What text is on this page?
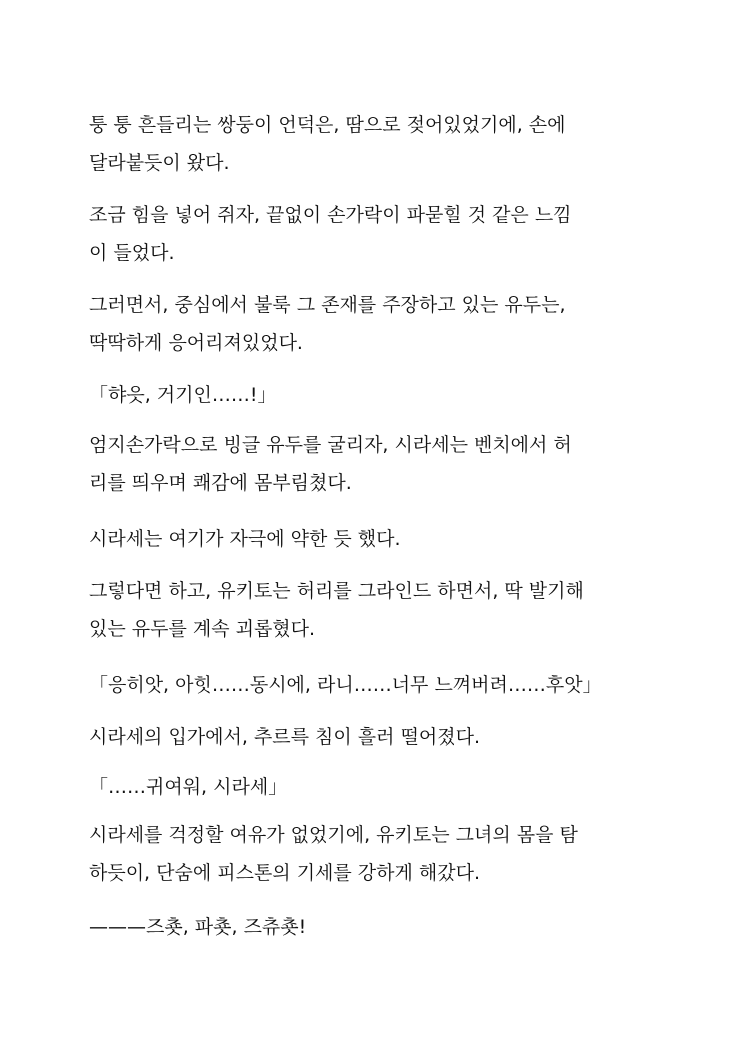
퉁 퉁 흔들리는 쌍둥이 언덕은, 땀으로 젖어있었기에, 손에
달라붙듯이 왔다.
조금 힘을 넣어 쥐자, 끝없이 손가락이 파묻힐 것 같은 느낌
이 들었다.
그러면서, 중심에서 불룩 그 존재를 주장하고 있는 유두는,
딱딱하게 응어리져있었다.
「햐읏, 거기인……!」
엄지손가락으로 빙글 유두를 굴리자, 시라세는 벤치에서 허
리를 띄우며 쾌감에 몸부림쳤다.
시라세는 여기가 자극에 약한 듯 했다.
그렇다면 하고, 유키토는 허리를 그라인드 하면서, 딱 발기해
있는 유두를 계속 괴롭혔다.
「응히앗, 아힛……동시에, 라니……너무 느껴버려……후앗」
시라세의 입가에서, 추르륵 침이 흘러 떨어졌다.
「……귀여워, 시라세」
시라세를 걱정할 여유가 없었기에, 유키토는 그녀의 몸을 탐
하듯이, 단숨에 피스톤의 기세를 강하게 해갔다.
———즈춋, 파춋, 즈츄춋!
